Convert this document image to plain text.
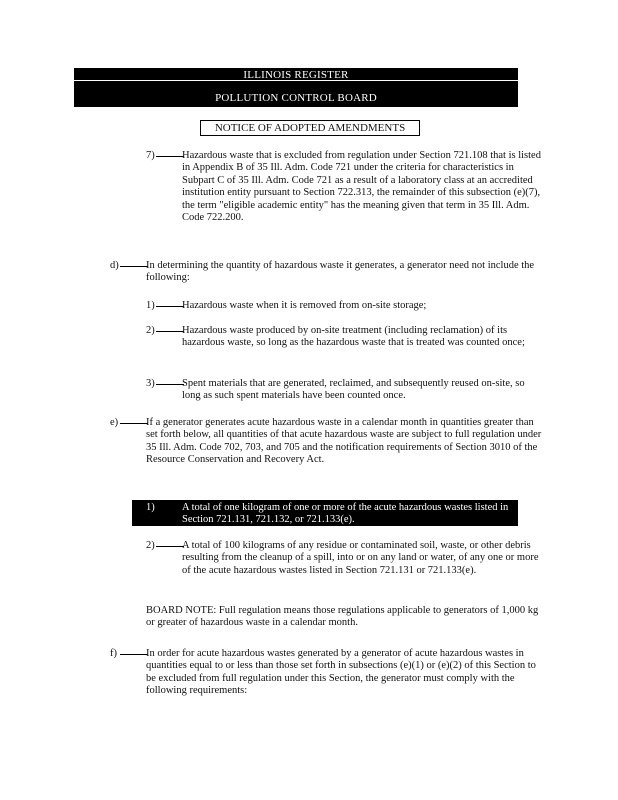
ILLINOIS REGISTER
POLLUTION CONTROL BOARD
NOTICE OF ADOPTED AMENDMENTS
7)	Hazardous waste that is excluded from regulation under Section 721.108 that is listed in Appendix B of 35 Ill. Adm. Code 721 under the criteria for characteristics in Subpart C of 35 Ill. Adm. Code 721 as a result of a laboratory class at an accredited institution entity pursuant to Section 722.313, the remainder of this subsection (e)(7), the term "eligible academic entity" has the meaning given that term in 35 Ill. Adm. Code 722.200.
d)	In determining the quantity of hazardous waste it generates, a generator need not include the following:
1)	Hazardous waste when it is removed from on-site storage;
2)	Hazardous waste produced by on-site treatment (including reclamation) of its hazardous waste, so long as the hazardous waste that is treated was counted once;
3)	Spent materials that are generated, reclaimed, and subsequently reused on-site, so long as such spent materials have been counted once.
e)	If a generator generates acute hazardous waste in a calendar month in quantities greater than set forth below, all quantities of that acute hazardous waste are subject to full regulation under 35 Ill. Adm. Code 702, 703, and 705 and the notification requirements of Section 3010 of the Resource Conservation and Recovery Act.
A total of one kilogram of one or more of the acute hazardous wastes listed in Section 721.131, 721.132, or 721.133(e).
1)
2)	A total of 100 kilograms of any residue or contaminated soil, waste, or other debris resulting from the cleanup of a spill, into or on any land or water, of any one or more of the acute hazardous wastes listed in Section 721.131 or 721.133(e).
BOARD NOTE: Full regulation means those regulations applicable to generators of 1,000 kg or greater of hazardous waste in a calendar month.
f)	In order for acute hazardous wastes generated by a generator of acute hazardous wastes in quantities equal to or less than those set forth in subsections (e)(1) or (e)(2) of this Section to be excluded from full regulation under this Section, the generator must comply with the following requirements:
